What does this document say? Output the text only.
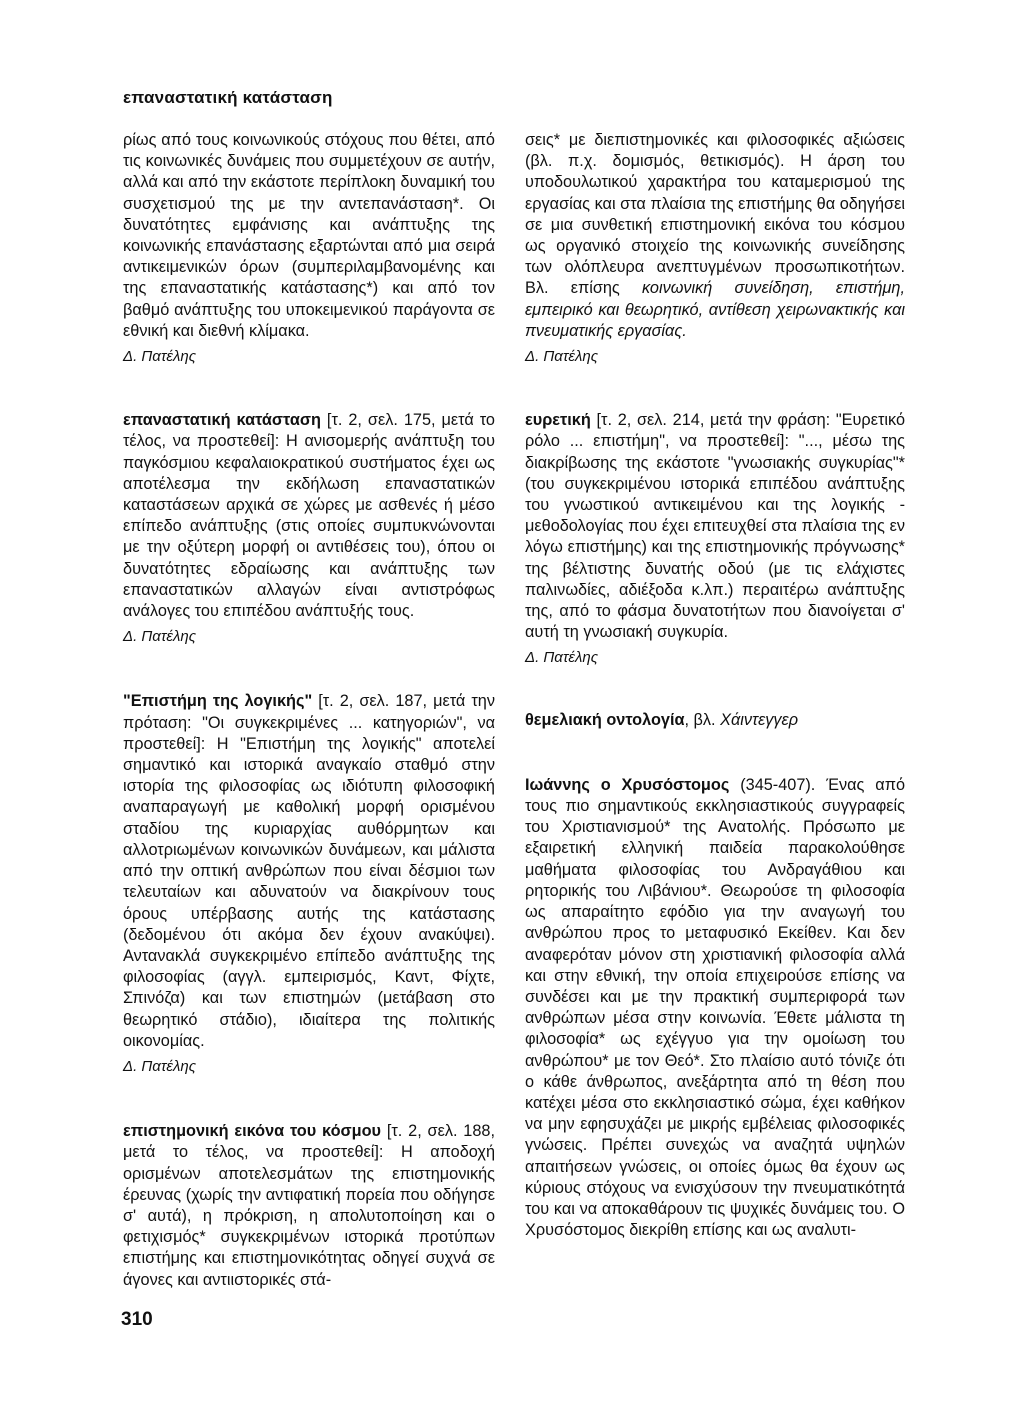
επαναστατική κατάσταση

ρίως από τους κοινωνικούς στόχους που θέτει, από τις κοινωνικές δυνάμεις που συμμετέχουν σε αυτήν, αλλά και από την εκάστοτε περίπλοκη δυναμική του συσχετισμού της με την αντεπανάσταση*. Οι δυνατότητες εμφάνισης και ανάπτυξης της κοινωνικής επανάστασης εξαρτώνται από μια σειρά αντικειμενικών όρων (συμπεριλαμβανομένης και της επαναστατικής κατάστασης*) και από τον βαθμό ανάπτυξης του υποκειμενικού παράγοντα σε εθνική και διεθνή κλίμακα.
Δ. Πατέλης

επαναστατική κατάσταση [τ. 2, σελ. 175, μετά το τέλος, να προστεθεί]: Η ανισομερής ανάπτυξη του παγκόσμιου κεφαλαιοκρατικού συστήματος έχει ως αποτέλεσμα την εκδήλωση επαναστατικών καταστάσεων αρχικά σε χώρες με ασθενές ή μέσο επίπεδο ανάπτυξης (στις οποίες συμπυκνώνονται με την οξύτερη μορφή οι αντιθέσεις του), όπου οι δυνατότητες εδραίωσης και ανάπτυξης των επαναστατικών αλλαγών είναι αντιστρόφως ανάλογες του επιπέδου ανάπτυξής τους.
Δ. Πατέλης

"Επιστήμη της λογικής" [τ. 2, σελ. 187, μετά την πρόταση: "Οι συγκεκριμένες ... κατηγοριών", να προστεθεί]: Η "Επιστήμη της λογικής" αποτελεί σημαντικό και ιστορικά αναγκαίο σταθμό στην ιστορία της φιλοσοφίας ως ιδιότυπη φιλοσοφική αναπαραγωγή με καθολική μορφή ορισμένου σταδίου της κυριαρχίας αυθόρμητων και αλλοτριωμένων κοινωνικών δυνάμεων, και μάλιστα από την οπτική ανθρώπων που είναι δέσμιοι των τελευταίων και αδυνατούν να διακρίνουν τους όρους υπέρβασης αυτής της κατάστασης (δεδομένου ότι ακόμα δεν έχουν ανακύψει). Αντανακλά συγκεκριμένο επίπεδο ανάπτυξης της φιλοσοφίας (αγγλ. εμπειρισμός, Καντ, Φίχτε, Σπινόζα) και των επιστημών (μετάβαση στο θεωρητικό στάδιο), ιδιαίτερα της πολιτικής οικονομίας.
Δ. Πατέλης

επιστημονική εικόνα του κόσμου [τ. 2, σελ. 188, μετά το τέλος, να προστεθεί]: Η αποδοχή ορισμένων αποτελεσμάτων της επιστημονικής έρευνας (χωρίς την αντιφατική πορεία που οδήγησε σ' αυτά), η πρόκριση, η απολυτοποίηση και ο φετιχισμός* συγκεκριμένων ιστορικά προτύπων επιστήμης και επιστημονικότητας οδηγεί συχνά σε άγονες και αντιιστορικές στά-

σεις* με διεπιστημονικές και φιλοσοφικές αξιώσεις (βλ. π.χ. δομισμός, θετικισμός). Η άρση του υποδουλωτικού χαρακτήρα του καταμερισμού της εργασίας και στα πλαίσια της επιστήμης θα οδηγήσει σε μια συνθετική επιστημονική εικόνα του κόσμου ως οργανικό στοιχείο της κοινωνικής συνείδησης των ολόπλευρα ανεπτυγμένων προσωπικοτήτων. Βλ. επίσης κοινωνική συνείδηση, επιστήμη, εμπειρικό και θεωρητικό, αντίθεση χειρωνακτικής και πνευματικής εργασίας.
Δ. Πατέλης

ευρετική [τ. 2, σελ. 214, μετά την φράση: "Ευρετικό ρόλο ... επιστήμη", να προστεθεί]: "..., μέσω της διακρίβωσης της εκάστοτε "γνωσιακής συγκυρίας"* (του συγκεκριμένου ιστορικά επιπέδου ανάπτυξης του γνωστικού αντικειμένου και της λογικής - μεθοδολογίας που έχει επιτευχθεί στα πλαίσια της εν λόγω επιστήμης) και της επιστημονικής πρόγνωσης* της βέλτιστης δυνατής οδού (με τις ελάχιστες παλινωδίες, αδιέξοδα κ.λπ.) περαιτέρω ανάπτυξης της, από το φάσμα δυνατοτήτων που διανοίγεται σ' αυτή τη γνωσιακή συγκυρία.
Δ. Πατέλης

θεμελιακή οντολογία, βλ. Χάιντεγγερ

Ιωάννης ο Χρυσόστομος (345-407). Ένας από τους πιο σημαντικούς εκκλησιαστικούς συγγραφείς του Χριστιανισμού* της Ανατολής. Πρόσωπο με εξαιρετική ελληνική παιδεία παρακολούθησε μαθήματα φιλοσοφίας του Ανδραγάθιου και ρητορικής του Λιβάνιου*. Θεωρούσε τη φιλοσοφία ως απαραίτητο εφόδιο για την αναγωγή του ανθρώπου προς το μεταφυσικό Εκείθεν. Και δεν αναφερόταν μόνον στη χριστιανική φιλοσοφία αλλά και στην εθνική, την οποία επιχειρούσε επίσης να συνδέσει και με την πρακτική συμπεριφορά των ανθρώπων μέσα στην κοινωνία. Έθετε μάλιστα τη φιλοσοφία* ως εχέγγυο για την ομοίωση του ανθρώπου* με τον Θεό*. Στο πλαίσιο αυτό τόνιζε ότι ο κάθε άνθρωπος, ανεξάρτητα από τη θέση που κατέχει μέσα στο εκκλησιαστικό σώμα, έχει καθήκον να μην εφησυχάζει με μικρής εμβέλειας φιλοσοφικές γνώσεις. Πρέπει συνεχώς να αναζητά υψηλών απαιτήσεων γνώσεις, οι οποίες όμως θα έχουν ως κύριους στόχους να ενισχύσουν την πνευματικότητά του και να αποκαθάρουν τις ψυχικές δυνάμεις του. Ο Χρυσόστομος διεκρίθη επίσης και ως αναλυτι-

310
